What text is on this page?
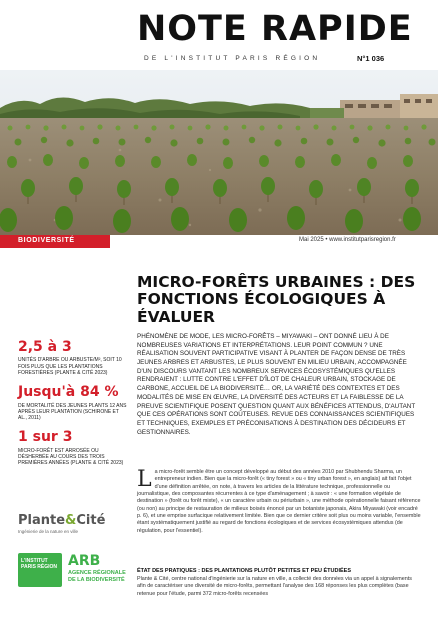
NOTE RAPIDE
DE L'INSTITUT PARIS RÉGION	N°1 036
BIODIVERSITÉ	Mai 2025 • www.institutparisregion.fr
MICRO-FORÊTS URBAINES : DES FONCTIONS ÉCOLOGIQUES À ÉVALUER
PHÉNOMÈNE DE MODE, LES MICRO-FORÊTS – MIYAWAKI – ONT DONNÉ LIEU À DE NOMBREUSES VARIATIONS ET INTERPRÉTATIONS. LEUR POINT COMMUN ? UNE RÉALISATION SOUVENT PARTICIPATIVE VISANT À PLANTER DE FAÇON DENSE DE TRÈS JEUNES ARBRES ET ARBUSTES, LE PLUS SOUVENT EN MILIEU URBAIN, ACCOMPAGNÉE D'UN DISCOURS VANTANT LES NOMBREUX SERVICES ÉCOSYSTÉMIQUES QU'ELLES RENDRAIENT : LUTTE CONTRE L'EFFET D'ÎLOT DE CHALEUR URBAIN, STOCKAGE DE CARBONE, ACCUEIL DE LA BIODIVERSITÉ… OR, LA VARIÉTÉ DES CONTEXTES ET DES MODALITÉS DE MISE EN ŒUVRE, LA DIVERSITÉ DES ACTEURS ET LA FAIBLESSE DE LA PREUVE SCIENTIFIQUE POSENT QUESTION QUANT AUX BÉNÉFICES ATTENDUS, D'AUTANT QUE CES OPÉRATIONS SONT COÛTEUSES. REVUE DES CONNAISSANCES SCIENTIFIQUES ET TECHNIQUES, EXEMPLES ET PRÉCONISATIONS À DESTINATION DES DÉCIDEURS ET GESTIONNAIRES.
2,5 à 3
UNITÉS D'ARBRE OU ARBUSTE/M², SOIT 10 FOIS PLUS QUE LES PLANTATIONS FORESTIÈRES (PLANTE & CITÉ 2023)
Jusqu'à 84 %
DE MORTALITÉ DES JEUNES PLANTS 12 ANS APRÈS LEUR PLANTATION (SCHIRONE ET AL., 2011)
1 sur 3
MICRO-FORÊT EST ARROSÉE OU DÉSHERBÉE AU COURS DES TROIS PREMIÈRES ANNÉES (PLANTE & CITÉ 2023)
La micro-forêt semble être un concept développé au début des années 2010 par Shubhendu Sharma, un entrepreneur indien. Bien que la micro-forêt (« tiny forest » ou « tiny urban forest », en anglais) ait fait l'objet d'une définition arrêtée, on note, à travers les articles de la littérature technique, professionnelle ou journalistique, des composantes récurrentes à ce type d'aménagement ; à savoir : « une formation végétale de destination » (forêt ou forêt mixte), « un caractère urbain ou périurbain », une méthode opérationnelle faisant référence (ou non) au principe de restauration de milieux boisés énoncé par un botaniste japonais, Akira Miyawaki (voir encadré p. 6), et une emprise surfacique relativement limitée. Bien que ce dernier critère soit plus ou moins variable, l'ensemble étant systématiquement justifié au regard de fonctions écologiques et de services écosystémiques attendus (de régulation, pour l'essentiel).
ÉTAT DES PRATIQUES : DES PLANTATIONS PLUTÔT PETITES ET PEU ÉTUDIÉES
Plante & Cité, centre national d'ingénierie sur la nature en ville, a collecté des données via un appel à signalements afin de caractériser une diversité de micro-forêts, permettant l'analyse des 168 réponses les plus complètes (base retenue pour l'étude, parmi 372 micro-forêts recensées
Plante&Cité
Ingénierie de la nature en ville
L'INSTITUT PARIS RÉGION ARB
AGENCE RÉGIONALE
DE LA BIODIVERSITÉ
